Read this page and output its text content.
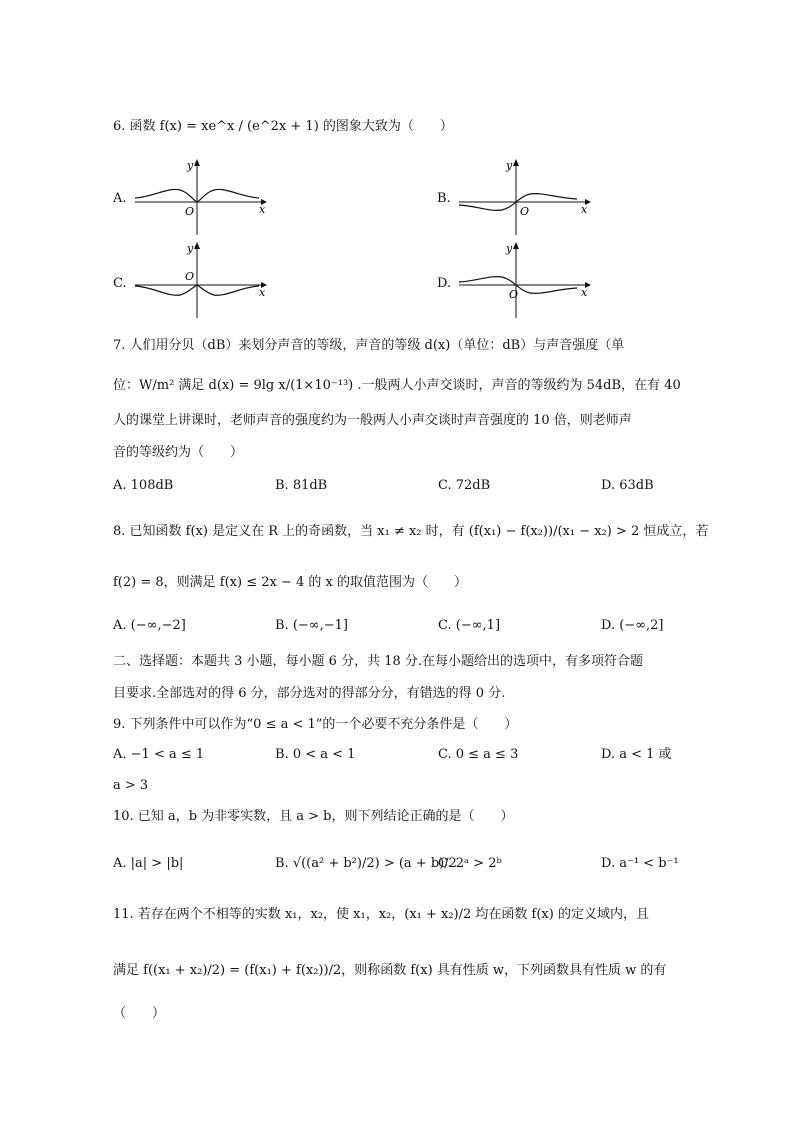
6. 函数 f(x) = xe^x / (e^2x + 1) 的图象大致为（　　）
A.
y
x
O
B.
y
x
O
C.
y
x
O	D.
y
x
O
7. 人们用分贝（dB）来划分声音的等级，声音的等级 d(x)（单位：dB）与声音强度（单
位：W/m² 满足 d(x) = 9lg x/(1×10⁻¹³) .一般两人小声交谈时，声音的等级约为 54dB，在有 40
人的课堂上讲课时，老师声音的强度约为一般两人小声交谈时声音强度的 10 倍，则老师声
音的等级约为（　　）
A. 108dB	B. 81dB	C. 72dB	D. 63dB
8. 已知函数 f(x) 是定义在 R 上的奇函数，当 x₁ ≠ x₂ 时，有 (f(x₁) − f(x₂))/(x₁ − x₂) > 2 恒成立，若
f(2) = 8，则满足 f(x) ≤ 2x − 4 的 x 的取值范围为（　　）
A. (−∞,−2]	B. (−∞,−1]	C. (−∞,1]	D. (−∞,2]
二、选择题：本题共 3 小题，每小题 6 分，共 18 分.在每小题给出的选项中，有多项符合题
目要求.全部选对的得 6 分，部分选对的得部分分，有错选的得 0 分.
9. 下列条件中可以作为“0 ≤ a < 1”的一个必要不充分条件是（　　）
A. −1 < a ≤ 1	B. 0 < a < 1	C. 0 ≤ a ≤ 3	D. a < 1 或
a > 3
10. 已知 a，b 为非零实数，且 a > b，则下列结论正确的是（　　）
A. |a| > |b|	B. √((a² + b²)/2) > (a + b)/2
C. 2ᵃ > 2ᵇ	D. a⁻¹ < b⁻¹
11. 若存在两个不相等的实数 x₁，x₂，使 x₁，x₂，(x₁ + x₂)/2 均在函数 f(x) 的定义域内，且
满足 f((x₁ + x₂)/2) = (f(x₁) + f(x₂))/2，则称函数 f(x) 具有性质 w，下列函数具有性质 w 的有
（　　）
